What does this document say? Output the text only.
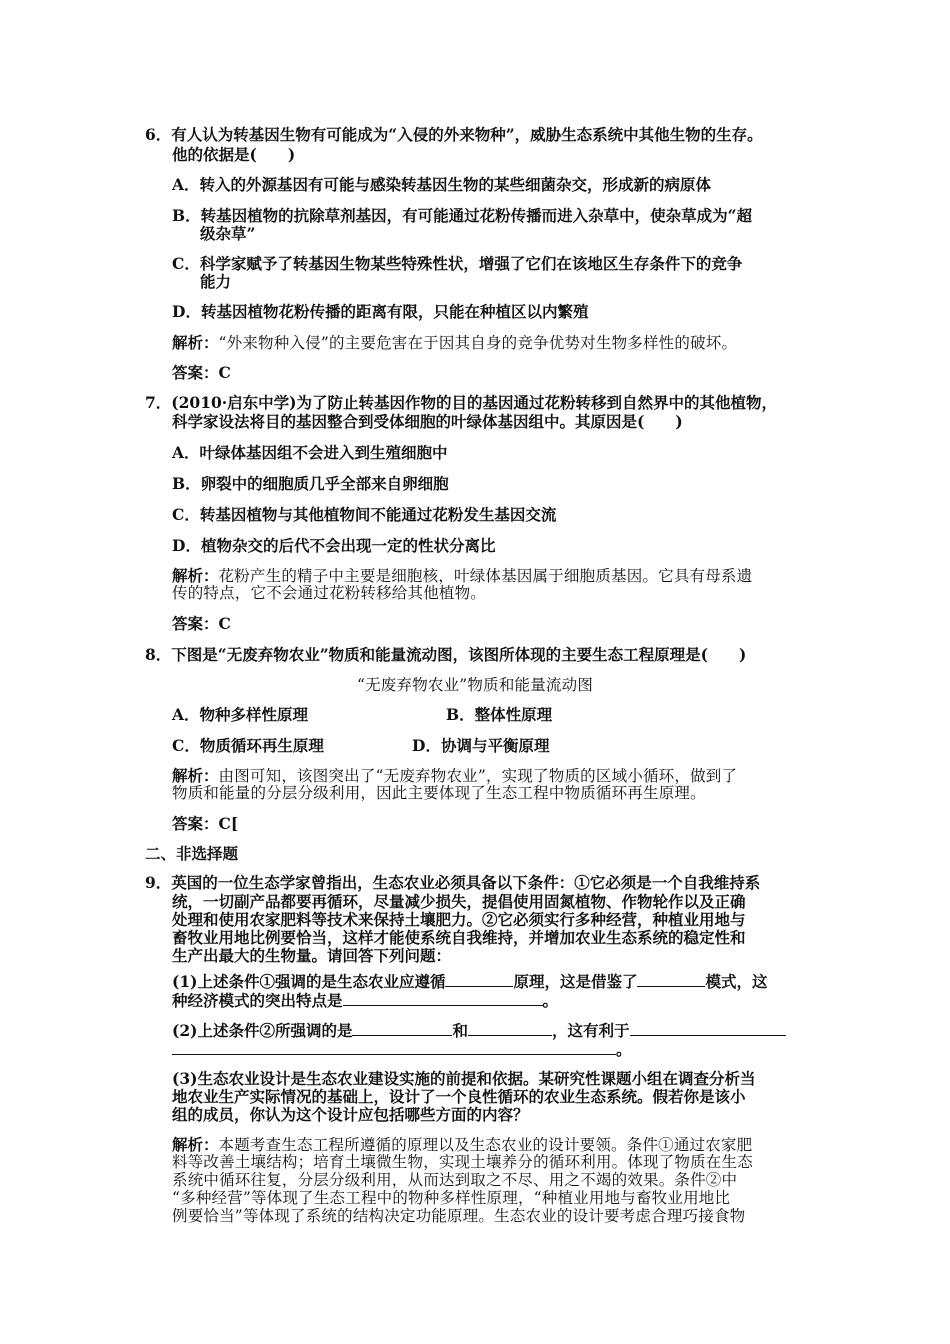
6．有人认为转基因生物有可能成为“入侵的外来物种”，威胁生态系统中其他生物的生存。
他的依据是(　　)
A．转入的外源基因有可能与感染转基因生物的某些细菌杂交，形成新的病原体
B．转基因植物的抗除草剂基因，有可能通过花粉传播而进入杂草中，使杂草成为“超
级杂草”
C．科学家赋予了转基因生物某些特殊性状，增强了它们在该地区生存条件下的竞争
能力
D．转基因植物花粉传播的距离有限，只能在种植区以内繁殖
解析：“外来物种入侵”的主要危害在于因其自身的竞争优势对生物多样性的破坏。
答案：C
7．(2010·启东中学)为了防止转基因作物的目的基因通过花粉转移到自然界中的其他植物，
科学家设法将目的基因整合到受体细胞的叶绿体基因组中。其原因是(　　)
A．叶绿体基因组不会进入到生殖细胞中
B．卵裂中的细胞质几乎全部来自卵细胞
C．转基因植物与其他植物间不能通过花粉发生基因交流
D．植物杂交的后代不会出现一定的性状分离比
解析：花粉产生的精子中主要是细胞核，叶绿体基因属于细胞质基因。它具有母系遗
传的特点，它不会通过花粉转移给其他植物。
答案：C
8．下图是“无废弃物农业”物质和能量流动图，该图所体现的主要生态工程原理是(　　)
“无废弃物农业”物质和能量流动图
A．物种多样性原理	B．整体性原理
C．物质循环再生原理	D．协调与平衡原理
解析：由图可知，该图突出了“无废弃物农业”，实现了物质的区域小循环，做到了
物质和能量的分层分级利用，因此主要体现了生态工程中物质循环再生原理。
答案：C[
二、非选择题
9．英国的一位生态学家曾指出，生态农业必须具备以下条件：①它必须是一个自我维持系
统，一切副产品都要再循环，尽量减少损失，提倡使用固氮植物、作物轮作以及正确
处理和使用农家肥料等技术来保持土壤肥力。②它必须实行多种经营，种植业用地与
畜牧业用地比例要恰当，这样才能使系统自我维持，并增加农业生态系统的稳定性和
生产出最大的生物量。请回答下列问题：
(1)上述条件①强调的是生态农业应遵循	原理，这是借鉴了	模式，这
种经济模式的突出特点是	。
(2)上述条件②所强调的是	和	，这有利于
。
(3)生态农业设计是生态农业建设实施的前提和依据。某研究性课题小组在调查分析当
地农业生产实际情况的基础上，设计了一个良性循环的农业生态系统。假若你是该小
组的成员，你认为这个设计应包括哪些方面的内容？
解析：本题考查生态工程所遵循的原理以及生态农业的设计要领。条件①通过农家肥
料等改善土壤结构；培育土壤微生物，实现土壤养分的循环利用。体现了物质在生态
系统中循环往复，分层分级利用，从而达到取之不尽、用之不竭的效果。条件②中
“多种经营”等体现了生态工程中的物种多样性原理，“种植业用地与畜牧业用地比
例要恰当”等体现了系统的结构决定功能原理。生态农业的设计要考虑合理巧接食物
